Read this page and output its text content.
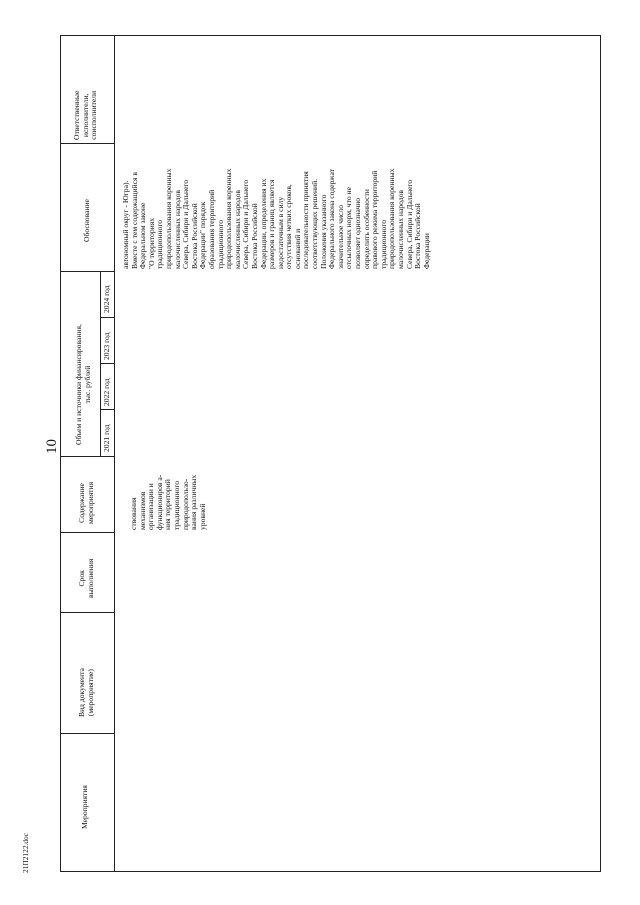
10
Мероприятия
Вид документа (мероприятие)
Срок выполнения
Содержание мероприятия
Объем и источники финансирования, тыс. рублей
2021 год
2022 год
2023 год
2024 год
Обоснование
Ответственные исполнители, соисполнители
ствования механизмов организации и функциониров а- ния территорий традиционного природопользо- вания различных уровней
автономный округ - Югра). Вместе с тем содержащийся в Федеральном законе "О территориях традиционного природопользования коренных малочисленных народов Севера, Сибири и Дальнего Востока Российской Федерации" порядок образования территорий традиционного природопользования коренных малочисленных народов Севера, Сибири и Дальнего Востока Российской Федерации, определения их размеров и границ является недостаточным в силу отсутствия четких сроков, оснований и последовательности принятия соответствующих решений. Положения указанного Федерального закона содержат значительное число отсылочных норм, что не позволяет однозначно определить особенности правового режима территорий традиционного природопользования коренных малочисленных народов Севера, Сибири и Дальнего Востока Российской Федерации
21П2122.doc
